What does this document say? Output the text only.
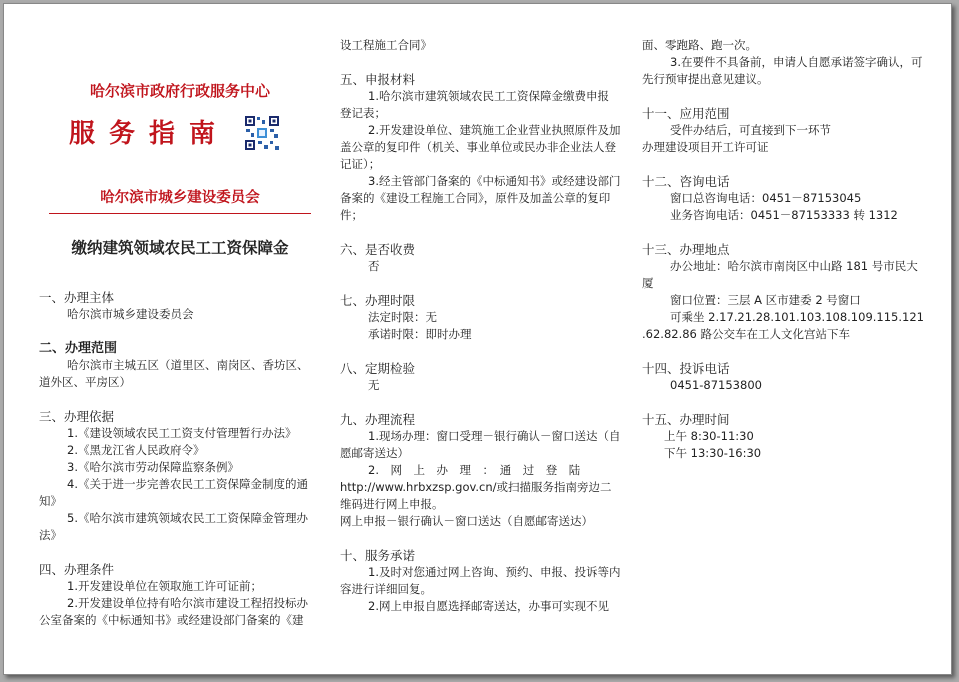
哈尔滨市政府行政服务中心
服务指南
哈尔滨市城乡建设委员会
缴纳建筑领域农民工工资保障金
一、办理主体
哈尔滨市城乡建设委员会
二、办理范围
哈尔滨市主城五区（道里区、南岗区、香坊区、
道外区、平房区）
三、办理依据
1.《建设领域农民工工资支付管理暂行办法》
2.《黑龙江省人民政府令》
3.《哈尔滨市劳动保障监察条例》
4.《关于进一步完善农民工工资保障金制度的通
知》
5.《哈尔滨市建筑领域农民工工资保障金管理办
法》
四、办理条件
1.开发建设单位在领取施工许可证前；
2.开发建设单位持有哈尔滨市建设工程招投标办
公室备案的《中标通知书》或经建设部门备案的《建
设工程施工合同》
五、申报材料
1.哈尔滨市建筑领域农民工工资保障金缴费申报
登记表；
2.开发建设单位、建筑施工企业营业执照原件及加
盖公章的复印件（机关、事业单位或民办非企业法人登
记证）；
3.经主管部门备案的《中标通知书》或经建设部门
备案的《建设工程施工合同》，原件及加盖公章的复印
件；
六、是否收费
否
七、办理时限
法定时限：无
承诺时限：即时办理
八、定期检验
无
九、办理流程
1.现场办理：窗口受理－银行确认－窗口送达（自
愿邮寄送达）
2.　网　上　办　理　：　通　过　登　陆
http://www.hrbxzsp.gov.cn/或扫描服务指南旁边二
维码进行网上申报。
网上申报－银行确认－窗口送达（自愿邮寄送达）
十、服务承诺
1.及时对您通过网上咨询、预约、申报、投诉等内
容进行详细回复。
2.网上申报自愿选择邮寄送达，办事可实现不见
面、零跑路、跑一次。
3.在要件不具备前，申请人自愿承诺签字确认，可
先行预审提出意见建议。
十一、应用范围
受件办结后，可直接到下一环节
办理建设项目开工许可证
十二、咨询电话
窗口总咨询电话：0451－87153045
业务咨询电话：0451－87153333 转 1312
十三、办理地点
办公地址：哈尔滨市南岗区中山路 181 号市民大
厦
窗口位置：三层 A 区市建委 2 号窗口
可乘坐 2.17.21.28.101.103.108.109.115.121
.62.82.86 路公交车在工人文化宫站下车
十四、投诉电话
0451-87153800
十五、办理时间
上午 8:30-11:30
下午 13:30-16:30
